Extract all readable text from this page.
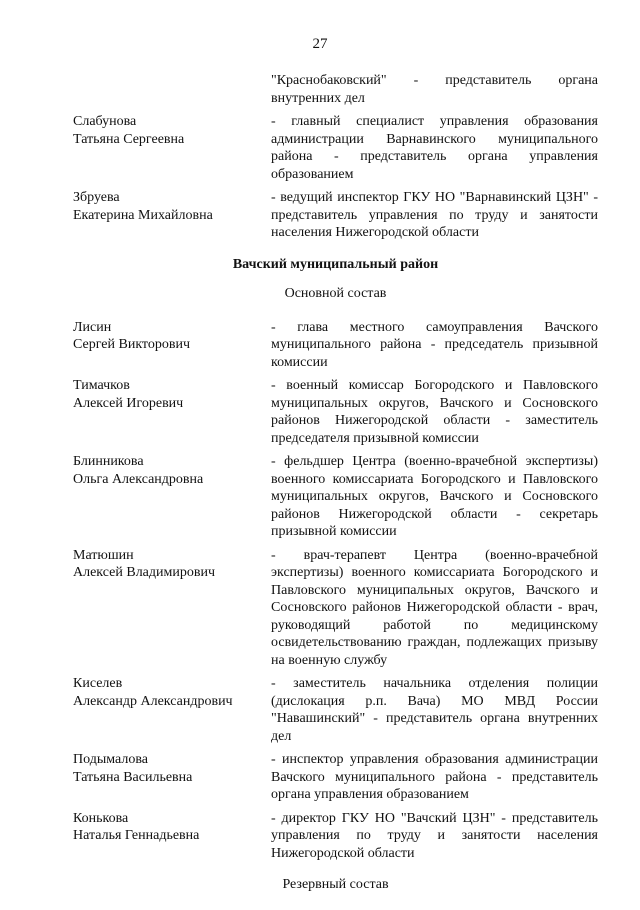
27
"Краснобаковский" - представитель органа внутренних дел
Слабунова
Татьяна Сергеевна
- главный специалист управления образования администрации Варнавинского муниципального района - представитель органа управления образованием
Збруева
Екатерина Михайловна
- ведущий инспектор ГКУ НО "Варнавинский ЦЗН" - представитель управления по труду и занятости населения Нижегородской области
Вачский муниципальный район
Основной состав
Лисин
Сергей Викторович
- глава местного самоуправления Вачского муниципального района - председатель призывной комиссии
Тимачков
Алексей Игоревич
- военный комиссар Богородского и Павловского муниципальных округов, Вачского и Сосновского районов Нижегородской области - заместитель председателя призывной комиссии
Блинникова
Ольга Александровна
- фельдшер Центра (военно-врачебной экспертизы) военного комиссариата Богородского и Павловского муниципальных округов, Вачского и Сосновского районов Нижегородской области - секретарь призывной комиссии
Матюшин
Алексей Владимирович
- врач-терапевт Центра (военно-врачебной экспертизы) военного комиссариата Богородского и Павловского муниципальных округов, Вачского и Сосновского районов Нижегородской области - врач, руководящий работой по медицинскому освидетельствованию граждан, подлежащих призыву на военную службу
Киселев
Александр Александрович
- заместитель начальника отделения полиции (дислокация р.п. Вача) МО МВД России "Навашинский" - представитель органа внутренних дел
Подымалова
Татьяна Васильевна
- инспектор управления образования администрации Вачского муниципального района - представитель органа управления образованием
Конькова
Наталья Геннадьевна
- директор ГКУ НО "Вачский ЦЗН" - представитель управления по труду и занятости населения Нижегородской области
Резервный состав
